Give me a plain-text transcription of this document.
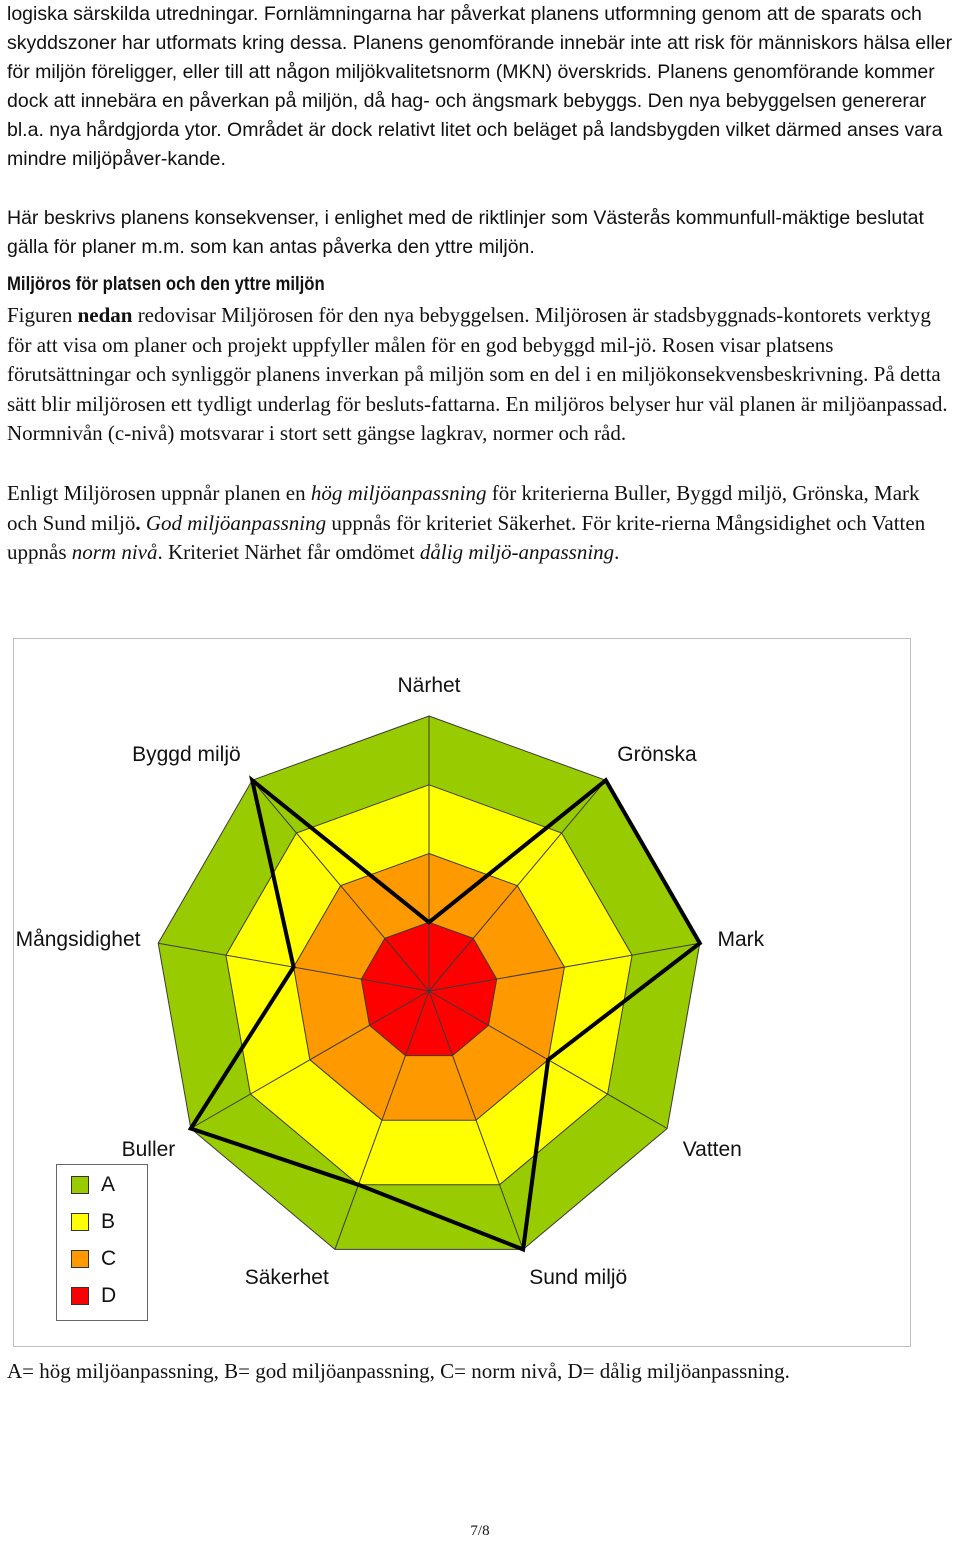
logiska särskilda utredningar. Fornlämningarna har påverkat planens utformning genom att de sparats och skyddszoner har utformats kring dessa. Planens genomförande innebär inte att risk för människors hälsa eller för miljön föreligger, eller till att någon miljökvalitetsnorm (MKN) överskrids. Planens genomförande kommer dock att innebära en påverkan på miljön, då hag- och ängsmark bebyggs. Den nya bebyggelsen genererar bl.a. nya hårdgjorda ytor. Området är dock relativt litet och beläget på landsbygden vilket därmed anses vara mindre miljöpåver-kande.

Här beskrivs planens konsekvenser, i enlighet med de riktlinjer som Västerås kommunfull-mäktige beslutat gälla för planer m.m. som kan antas påverka den yttre miljön.

Miljöros för platsen och den yttre miljön

Figuren nedan redovisar Miljörosen för den nya bebyggelsen. Miljörosen är stadsbyggnads-kontorets verktyg för att visa om planer och projekt uppfyller målen för en god bebyggd mil-jö. Rosen visar platsens förutsättningar och synliggör planens inverkan på miljön som en del i en miljökonsekvensbeskrivning. På detta sätt blir miljörosen ett tydligt underlag för besluts-fattarna. En miljöros belyser hur väl planen är miljöanpassad. Normnivån (c-nivå) motsvarar i stort sett gängse lagkrav, normer och råd.

Enligt Miljörosen uppnår planen en hög miljöanpassning för kriterierna Buller, Byggd miljö, Grönska, Mark och Sund miljö. God miljöanpassning uppnås för kriteriet Säkerhet. För krite-rierna Mångsidighet och Vatten uppnås norm nivå. Kriteriet Närhet får omdömet dålig miljö-anpassning.

Närhet
Grönska
Mark
Vatten
Sund miljö
Säkerhet
Buller
Mångsidighet
Byggd miljö
A
B
C
D
A= hög miljöanpassning, B= god miljöanpassning, C= norm nivå, D= dålig miljöanpassning.
7/8
